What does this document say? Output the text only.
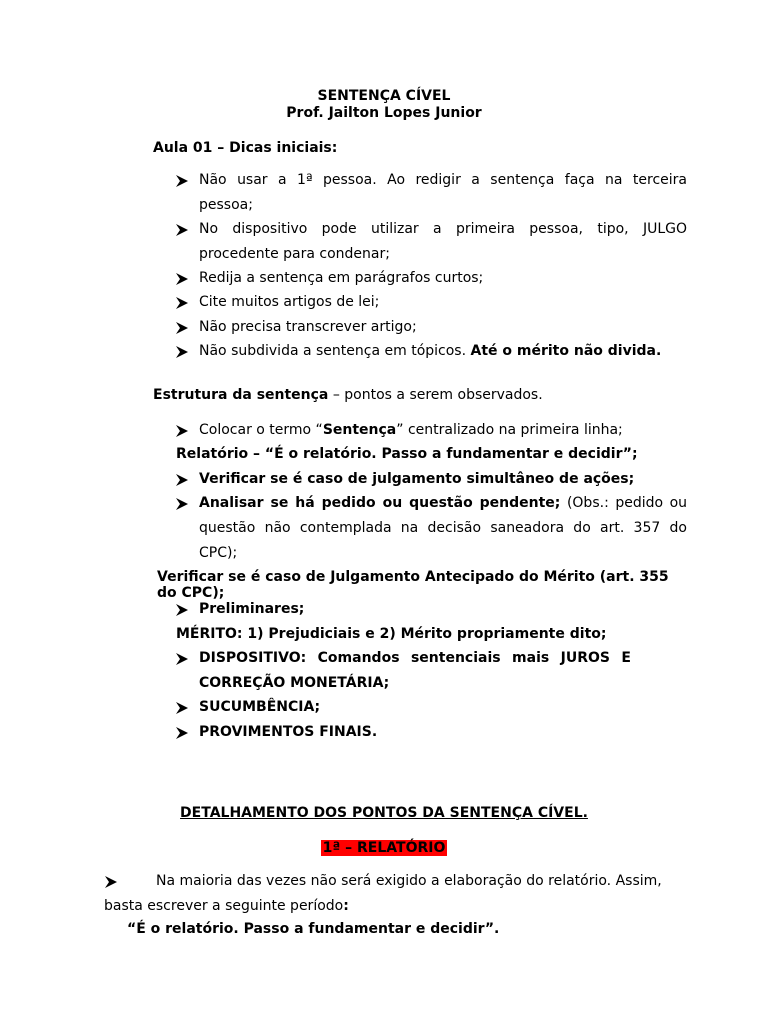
SENTENÇA CÍVEL
Prof. Jailton Lopes Junior
Aula 01 – Dicas iniciais:
Não usar a 1ª pessoa. Ao redigir a sentença faça na terceira
pessoa;
No dispositivo pode utilizar a primeira pessoa, tipo, JULGO
procedente para condenar;
Redija a sentença em parágrafos curtos;
Cite muitos artigos de lei;
Não precisa transcrever artigo;
Não subdivida a sentença em tópicos. Até o mérito não divida.
Estrutura da sentença – pontos a serem observados.
Colocar o termo “Sentença” centralizado na primeira linha;
Relatório – “É o relatório. Passo a fundamentar e decidir”;
Verificar se é caso de julgamento simultâneo de ações;
Analisar se há pedido ou questão pendente; (Obs.: pedido ou
questão não contemplada na decisão saneadora do art. 357 do
CPC);
Verificar se é caso de Julgamento Antecipado do Mérito (art. 355
do CPC);
Preliminares;
MÉRITO: 1) Prejudiciais e 2) Mérito propriamente dito;
DISPOSITIVO: Comandos sentenciais mais JUROS E
CORREÇÃO MONETÁRIA;
SUCUMBÊNCIA;
PROVIMENTOS FINAIS.
DETALHAMENTO DOS PONTOS DA SENTENÇA CÍVEL.
1ª – RELATÓRIO
Na maioria das vezes não será exigido a elaboração do relatório. Assim,
basta escrever a seguinte período:
“É o relatório. Passo a fundamentar e decidir”.
